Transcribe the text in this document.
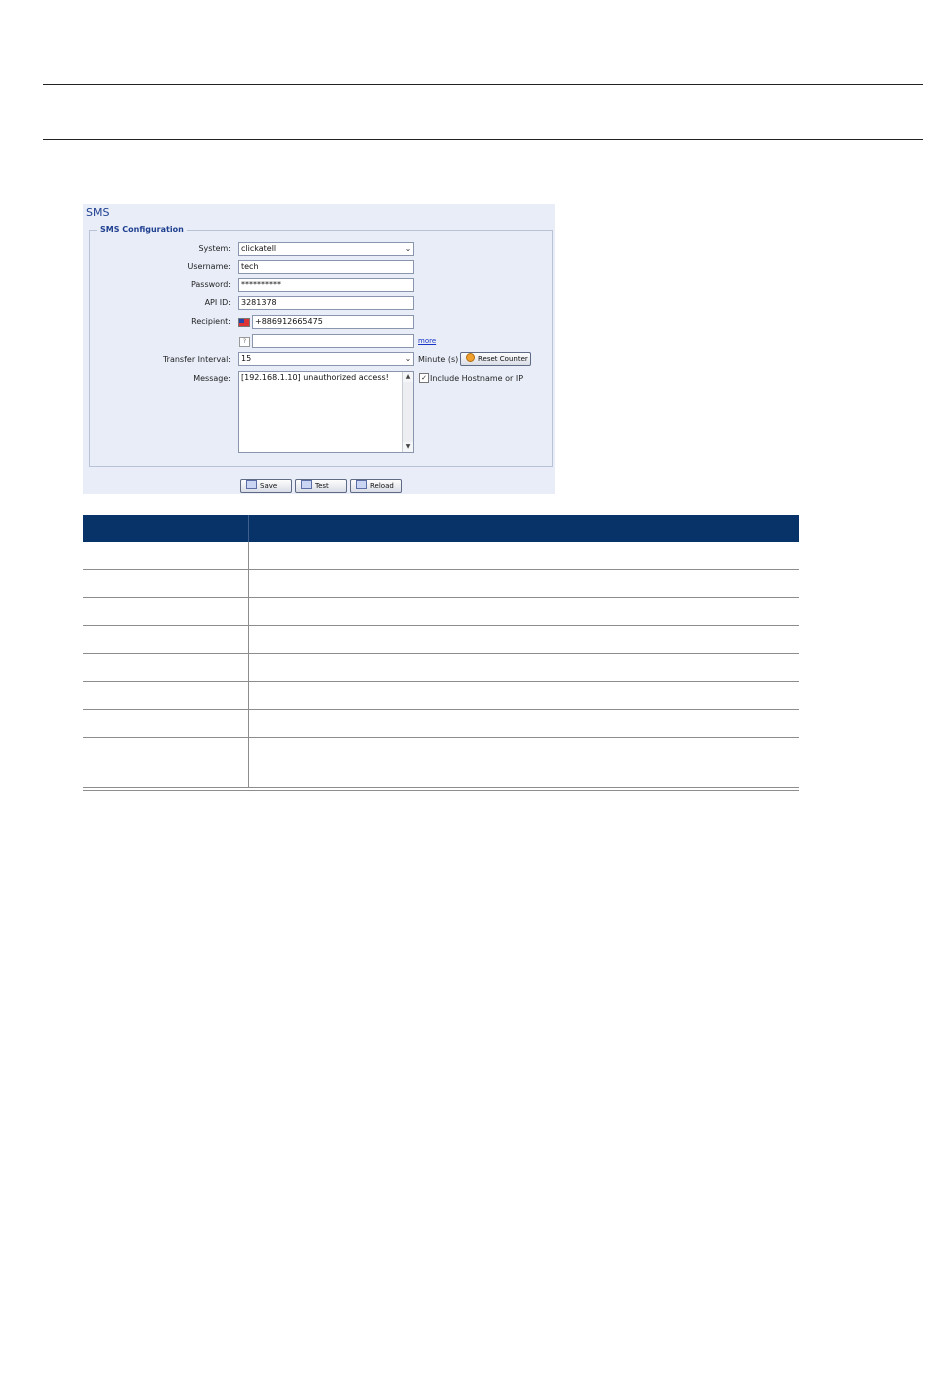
SMS
SMS Configuration
System:	clickatell	⌄
Username:	tech
Password:	**********
API ID:	3281378
Recipient:	+886912665475
?	more
Transfer Interval:	15	⌄ Minute (s)	Reset Counter
Message:	[192.168.1.10] unauthorized access!	▲
▼
✓ Include Hostname or IP
Save	Test	Reload
